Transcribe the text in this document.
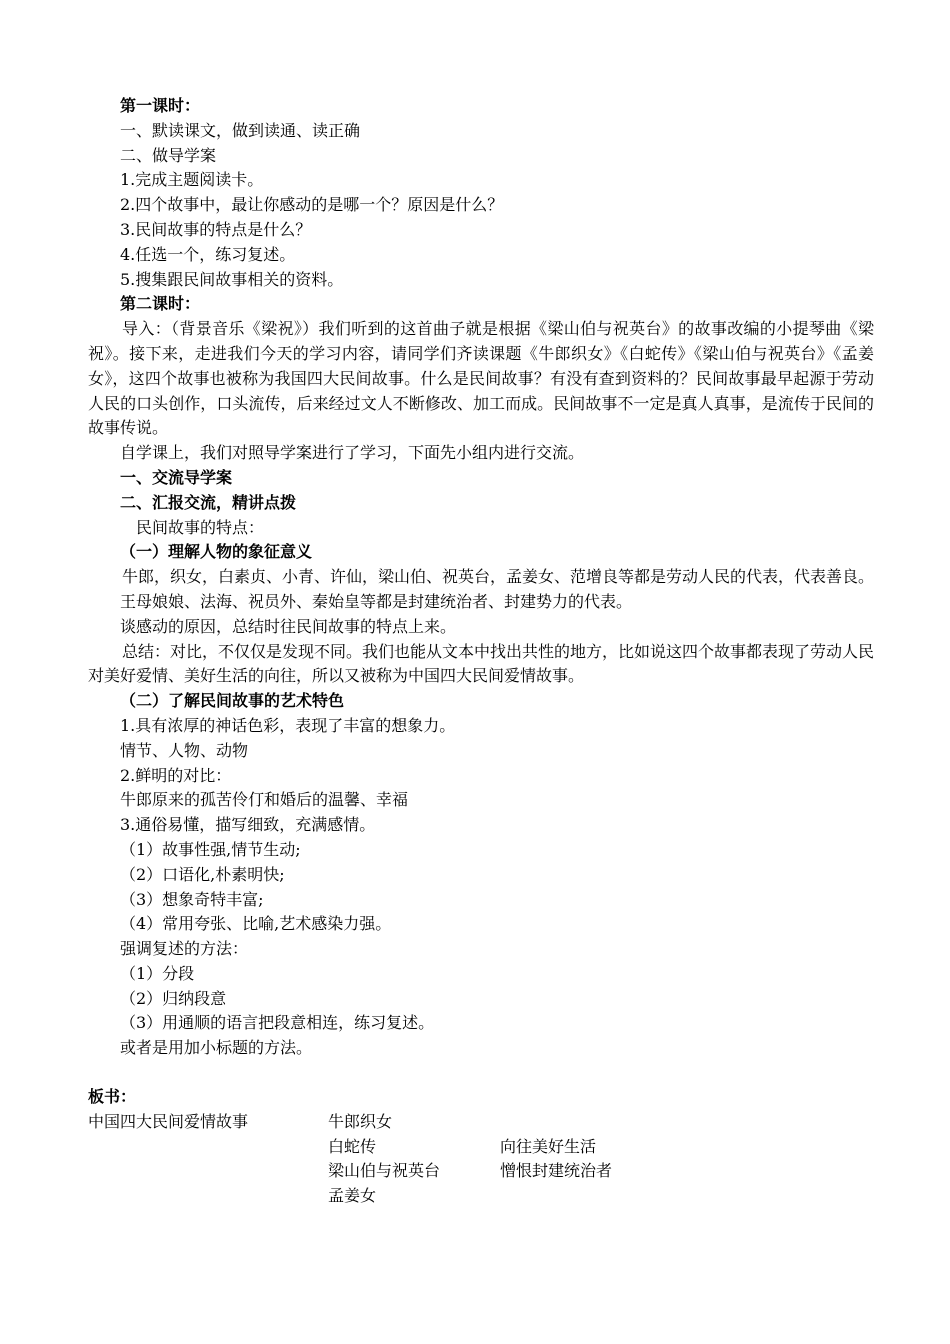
第一课时：

一、默读课文，做到读通、读正确

二、做导学案

1.完成主题阅读卡。

2.四个故事中，最让你感动的是哪一个？原因是什么？

3.民间故事的特点是什么？

4.任选一个，练习复述。

5.搜集跟民间故事相关的资料。

第二课时：

导入：（背景音乐《梁祝》）我们听到的这首曲子就是根据《梁山伯与祝英台》的故事改编的小提琴曲《梁祝》。接下来，走进我们今天的学习内容，请同学们齐读课题《牛郎织女》《白蛇传》《梁山伯与祝英台》《孟姜女》，这四个故事也被称为我国四大民间故事。什么是民间故事？有没有查到资料的？民间故事最早起源于劳动人民的口头创作，口头流传，后来经过文人不断修改、加工而成。民间故事不一定是真人真事，是流传于民间的故事传说。

自学课上，我们对照导学案进行了学习，下面先小组内进行交流。

一、交流导学案

二、汇报交流，精讲点拨

民间故事的特点：

（一）理解人物的象征意义

牛郎，织女，白素贞、小青、许仙，梁山伯、祝英台，孟姜女、范增良等都是劳动人民的代表，代表善良。

王母娘娘、法海、祝员外、秦始皇等都是封建统治者、封建势力的代表。

谈感动的原因，总结时往民间故事的特点上来。

总结：对比，不仅仅是发现不同。我们也能从文本中找出共性的地方，比如说这四个故事都表现了劳动人民对美好爱情、美好生活的向往，所以又被称为中国四大民间爱情故事。

（二）了解民间故事的艺术特色

1.具有浓厚的神话色彩，表现了丰富的想象力。

情节、人物、动物

2.鲜明的对比：

牛郎原来的孤苦伶仃和婚后的温馨、幸福

3.通俗易懂，描写细致，充满感情。

（1）故事性强,情节生动;

（2）口语化,朴素明快;

（3）想象奇特丰富;

（4）常用夸张、比喻,艺术感染力强。

强调复述的方法：

（1）分段

（2）归纳段意

（3）用通顺的语言把段意相连，练习复述。

或者是用加小标题的方法。

板书：

中国四大民间爱情故事	牛郎织女
白蛇传
梁山伯与祝英台
孟姜女
向往美好生活
憎恨封建统治者
